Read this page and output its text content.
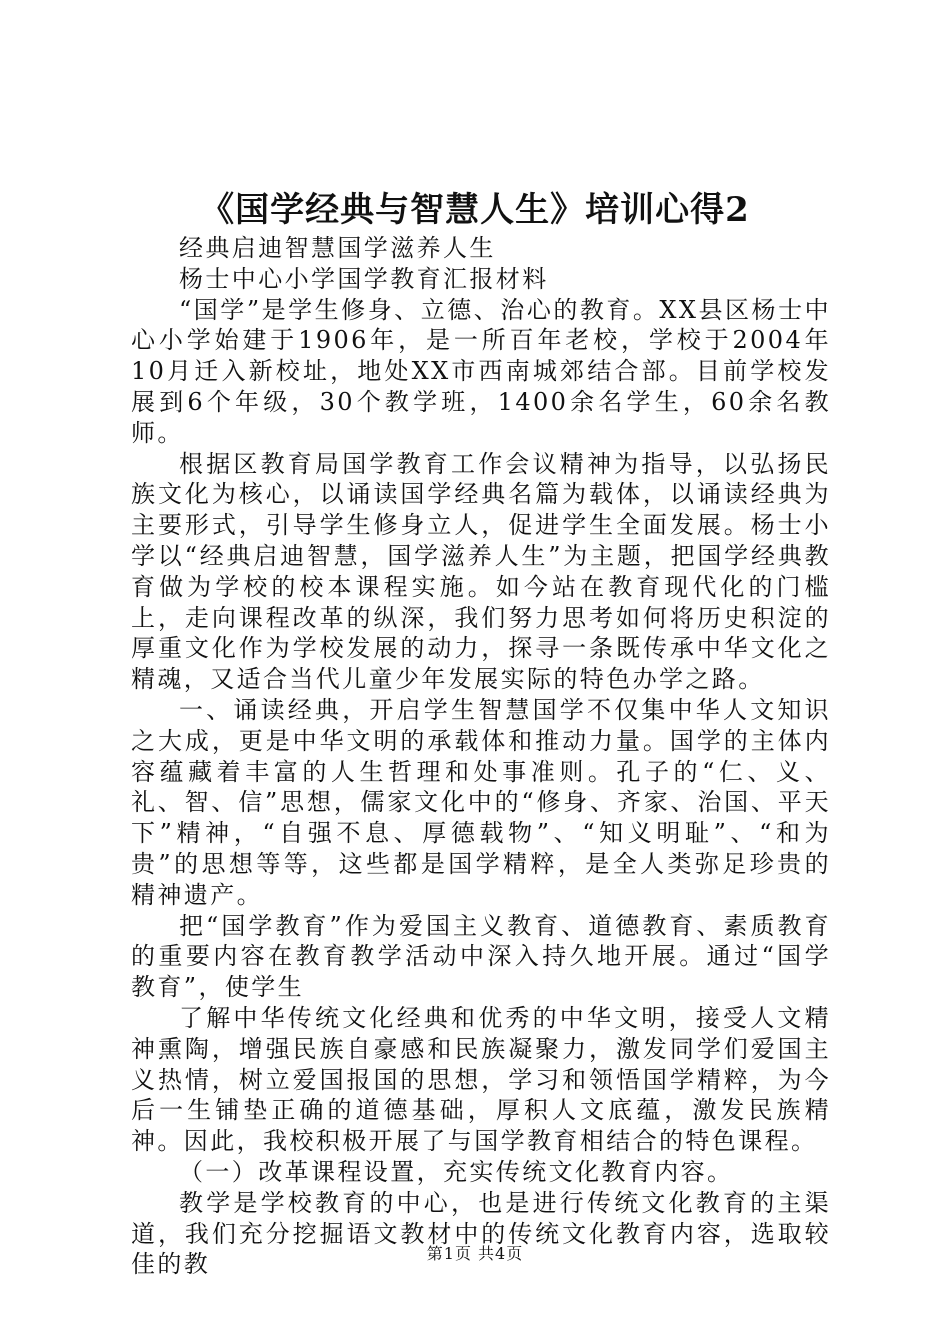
《国学经典与智慧人生》培训心得2

经典启迪智慧国学滋养人生

杨士中心小学国学教育汇报材料

“国学”是学生修身、立德、治心的教育。XX县区杨士中心小学始建于1906年，是一所百年老校，学校于2004年10月迁入新校址，地处XX市西南城郊结合部。目前学校发展到6个年级，30个教学班，1400余名学生，60余名教师。

根据区教育局国学教育工作会议精神为指导，以弘扬民族文化为核心，以诵读国学经典名篇为载体，以诵读经典为主要形式，引导学生修身立人，促进学生全面发展。杨士小学以“经典启迪智慧，国学滋养人生”为主题，把国学经典教育做为学校的校本课程实施。如今站在教育现代化的门槛上，走向课程改革的纵深，我们努力思考如何将历史积淀的厚重文化作为学校发展的动力，探寻一条既传承中华文化之精魂，又适合当代儿童少年发展实际的特色办学之路。

一、诵读经典，开启学生智慧国学不仅集中华人文知识之大成，更是中华文明的承载体和推动力量。国学的主体内容蕴藏着丰富的人生哲理和处事准则。孔子的“仁、义、礼、智、信”思想，儒家文化中的“修身、齐家、治国、平天下”精神，“自强不息、厚德载物”、“知义明耻”、“和为贵”的思想等等，这些都是国学精粹，是全人类弥足珍贵的精神遗产。

把“国学教育”作为爱国主义教育、道德教育、素质教育的重要内容在教育教学活动中深入持久地开展。通过“国学教育”，使学生

了解中华传统文化经典和优秀的中华文明，接受人文精神熏陶，增强民族自豪感和民族凝聚力，激发同学们爱国主义热情，树立爱国报国的思想，学习和领悟国学精粹，为今后一生铺垫正确的道德基础，厚积人文底蕴，激发民族精神。因此，我校积极开展了与国学教育相结合的特色课程。

（一）改革课程设置，充实传统文化教育内容。

教学是学校教育的中心，也是进行传统文化教育的主渠道，我们充分挖掘语文教材中的传统文化教育内容，选取较佳的教	第1页 共4页
